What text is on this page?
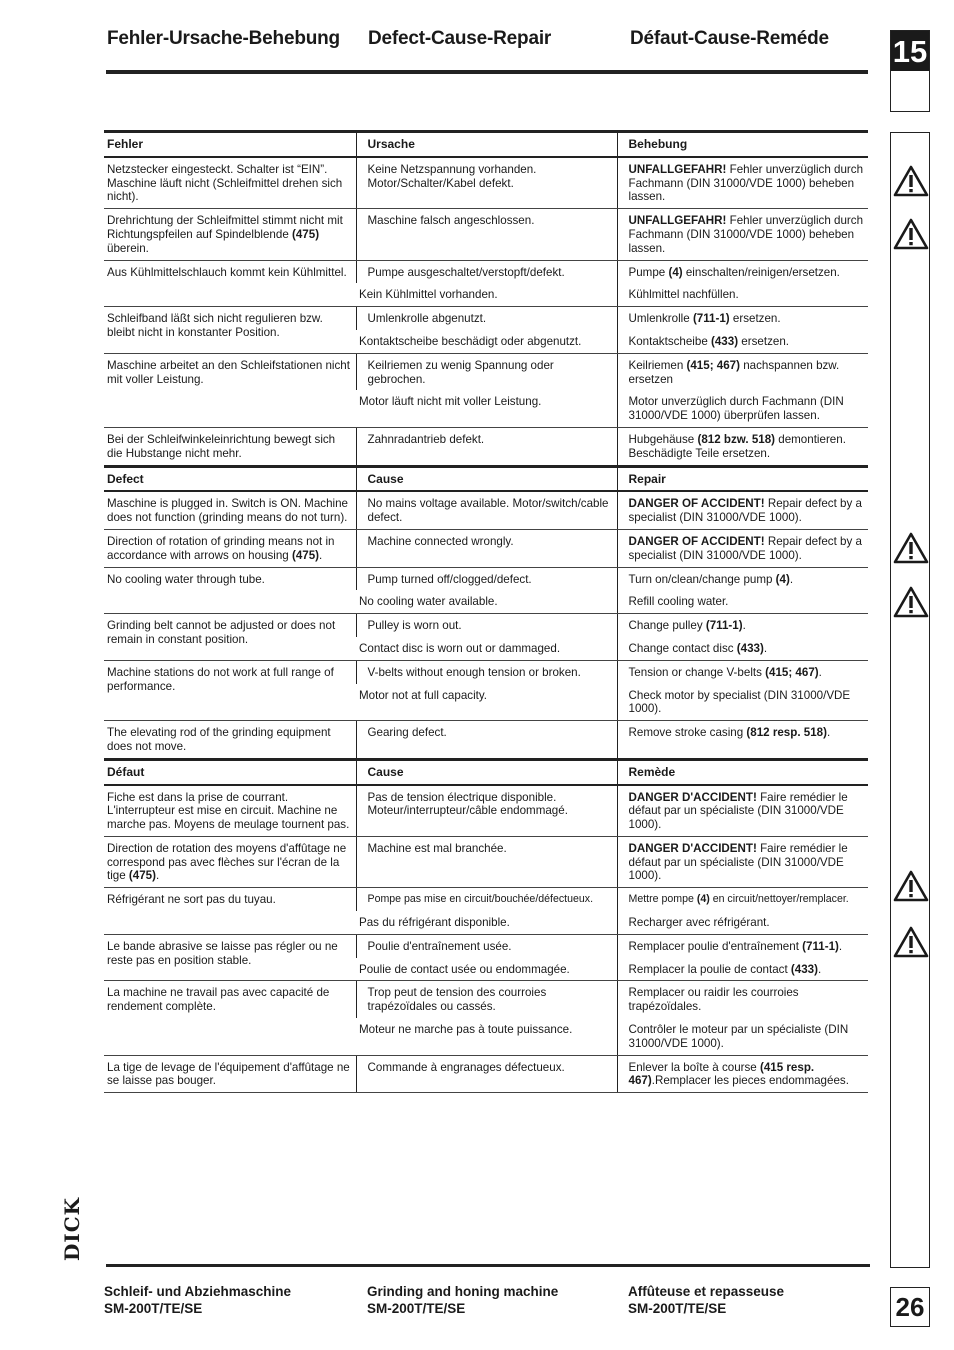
Fehler-Ursache-Behebung Defect-Cause-Repair	Défaut-Cause-Reméde 15
Fehler	Ursache	Behebung
Netzstecker eingesteckt. Schalter ist “EIN”. Maschine läuft nicht (Schleifmittel drehen sich nicht).	Keine Netzspannung vorhanden. Motor/Schalter/Kabel defekt.	UNFALLGEFAHR! Fehler unverzüglich durch Fachmann (DIN 31000/VDE 1000) beheben lassen.
Drehrichtung der Schleifmittel stimmt nicht mit Richtungspfeilen auf Spindelblende (475) überein.	Maschine falsch angeschlossen.	UNFALLGEFAHR! Fehler unverzüglich durch Fachmann (DIN 31000/VDE 1000) beheben lassen.
Aus Kühlmittelschlauch kommt kein Kühlmittel.	Pumpe ausgeschaltet/verstopft/defekt.	Pumpe (4) einschalten/reinigen/ersetzen.
	Kein Kühlmittel vorhanden.	Kühlmittel nachfüllen.
Schleifband läßt sich nicht regulieren bzw. bleibt nicht in konstanter Position.	Umlenkrolle abgenutzt.	Umlenkrolle (711-1) ersetzen.
	Kontaktscheibe beschädigt oder abgenutzt.	Kontaktscheibe (433) ersetzen.
Maschine arbeitet an den Schleifstationen nicht mit voller Leistung.	Keilriemen zu wenig Spannung oder gebrochen.	Keilriemen (415; 467) nachspannen bzw. ersetzen
	Motor läuft nicht mit voller Leistung.	Motor unverzüglich durch Fachmann (DIN 31000/VDE 1000) überprüfen lassen.
Bei der Schleifwinkeleinrichtung bewegt sich die Hubstange nicht mehr.	Zahnradantrieb defekt.	Hubgehäuse (812 bzw. 518) demontieren. Beschädigte Teile ersetzen.
Defect	Cause	Repair
Maschine is plugged in. Switch is ON. Machine does not function (grinding means do not turn).	No mains voltage available. Motor/switch/cable defect.	DANGER OF ACCIDENT! Repair defect by a specialist (DIN 31000/VDE 1000).
Direction of rotation of grinding means not in accordance with arrows on housing (475).	Machine connected wrongly.	DANGER OF ACCIDENT! Repair defect by a specialist (DIN 31000/VDE 1000).
No cooling water through tube.	Pump turned off/clogged/defect.	Turn on/clean/change pump (4).
	No cooling water available.	Refill cooling water.
Grinding belt cannot be adjusted or does not remain in constant position.	Pulley is worn out.	Change pulley (711-1).
	Contact disc is worn out or dammaged.	Change contact disc (433).
Machine stations do not work at full range of performance.	V-belts without enough tension or broken.	Tension or change V-belts (415; 467).
	Motor not at full capacity.	Check motor by specialist (DIN 31000/VDE 1000).
The elevating rod of the grinding equipment does not move.	Gearing defect.	Remove stroke casing (812 resp. 518).
Défaut	Cause	Remède
Fiche est dans la prise de courrant. L'interrupteur est mise en circuit. Machine ne marche pas. Moyens de meulage tournent pas.	Pas de tension électrique disponible. Moteur/interrupteur/câble endommagé.	DANGER D'ACCIDENT! Faire remédier le défaut par un spécialiste (DIN 31000/VDE 1000).
Direction de rotation des moyens d'affûtage ne correspond pas avec flèches sur l'écran de la tige (475).	Machine est mal branchée.	DANGER D'ACCIDENT! Faire remédier le défaut par un spécialiste (DIN 31000/VDE 1000).
Réfrigérant ne sort pas du tuyau.	Pompe pas mise en circuit/bouchée/défectueux.	Mettre pompe (4) en circuit/nettoyer/remplacer.
	Pas du réfrigérant disponible.	Recharger avec réfrigérant.
Le bande abrasive se laisse pas régler ou ne reste pas en position stable.	Poulie d'entraînement usée.	Remplacer poulie d'entraînement (711-1).
	Poulie de contact usée ou endommagée.	Remplacer la poulie de contact (433).
La machine ne travail pas avec capacité de rendement complète.	Trop peut de tension des courroies trapézoïdales ou cassés.	Remplacer ou raidir les courroies trapézoïdales.
	Moteur ne marche pas à toute puissance.	Contrôler le moteur par un spécialiste (DIN 31000/VDE 1000).
La tige de levage de l'équipement d'affûtage ne se laisse pas bouger.	Commande à engranages défectueux.	Enlever la boîte à course (415 resp. 467).Remplacer les pieces endommagées.
DICK
Schleif- und Abziehmaschine
SM-200T/TE/SE
Grinding and honing machine
SM-200T/TE/SE
Affûteuse et repasseuse
SM-200T/TE/SE	26
